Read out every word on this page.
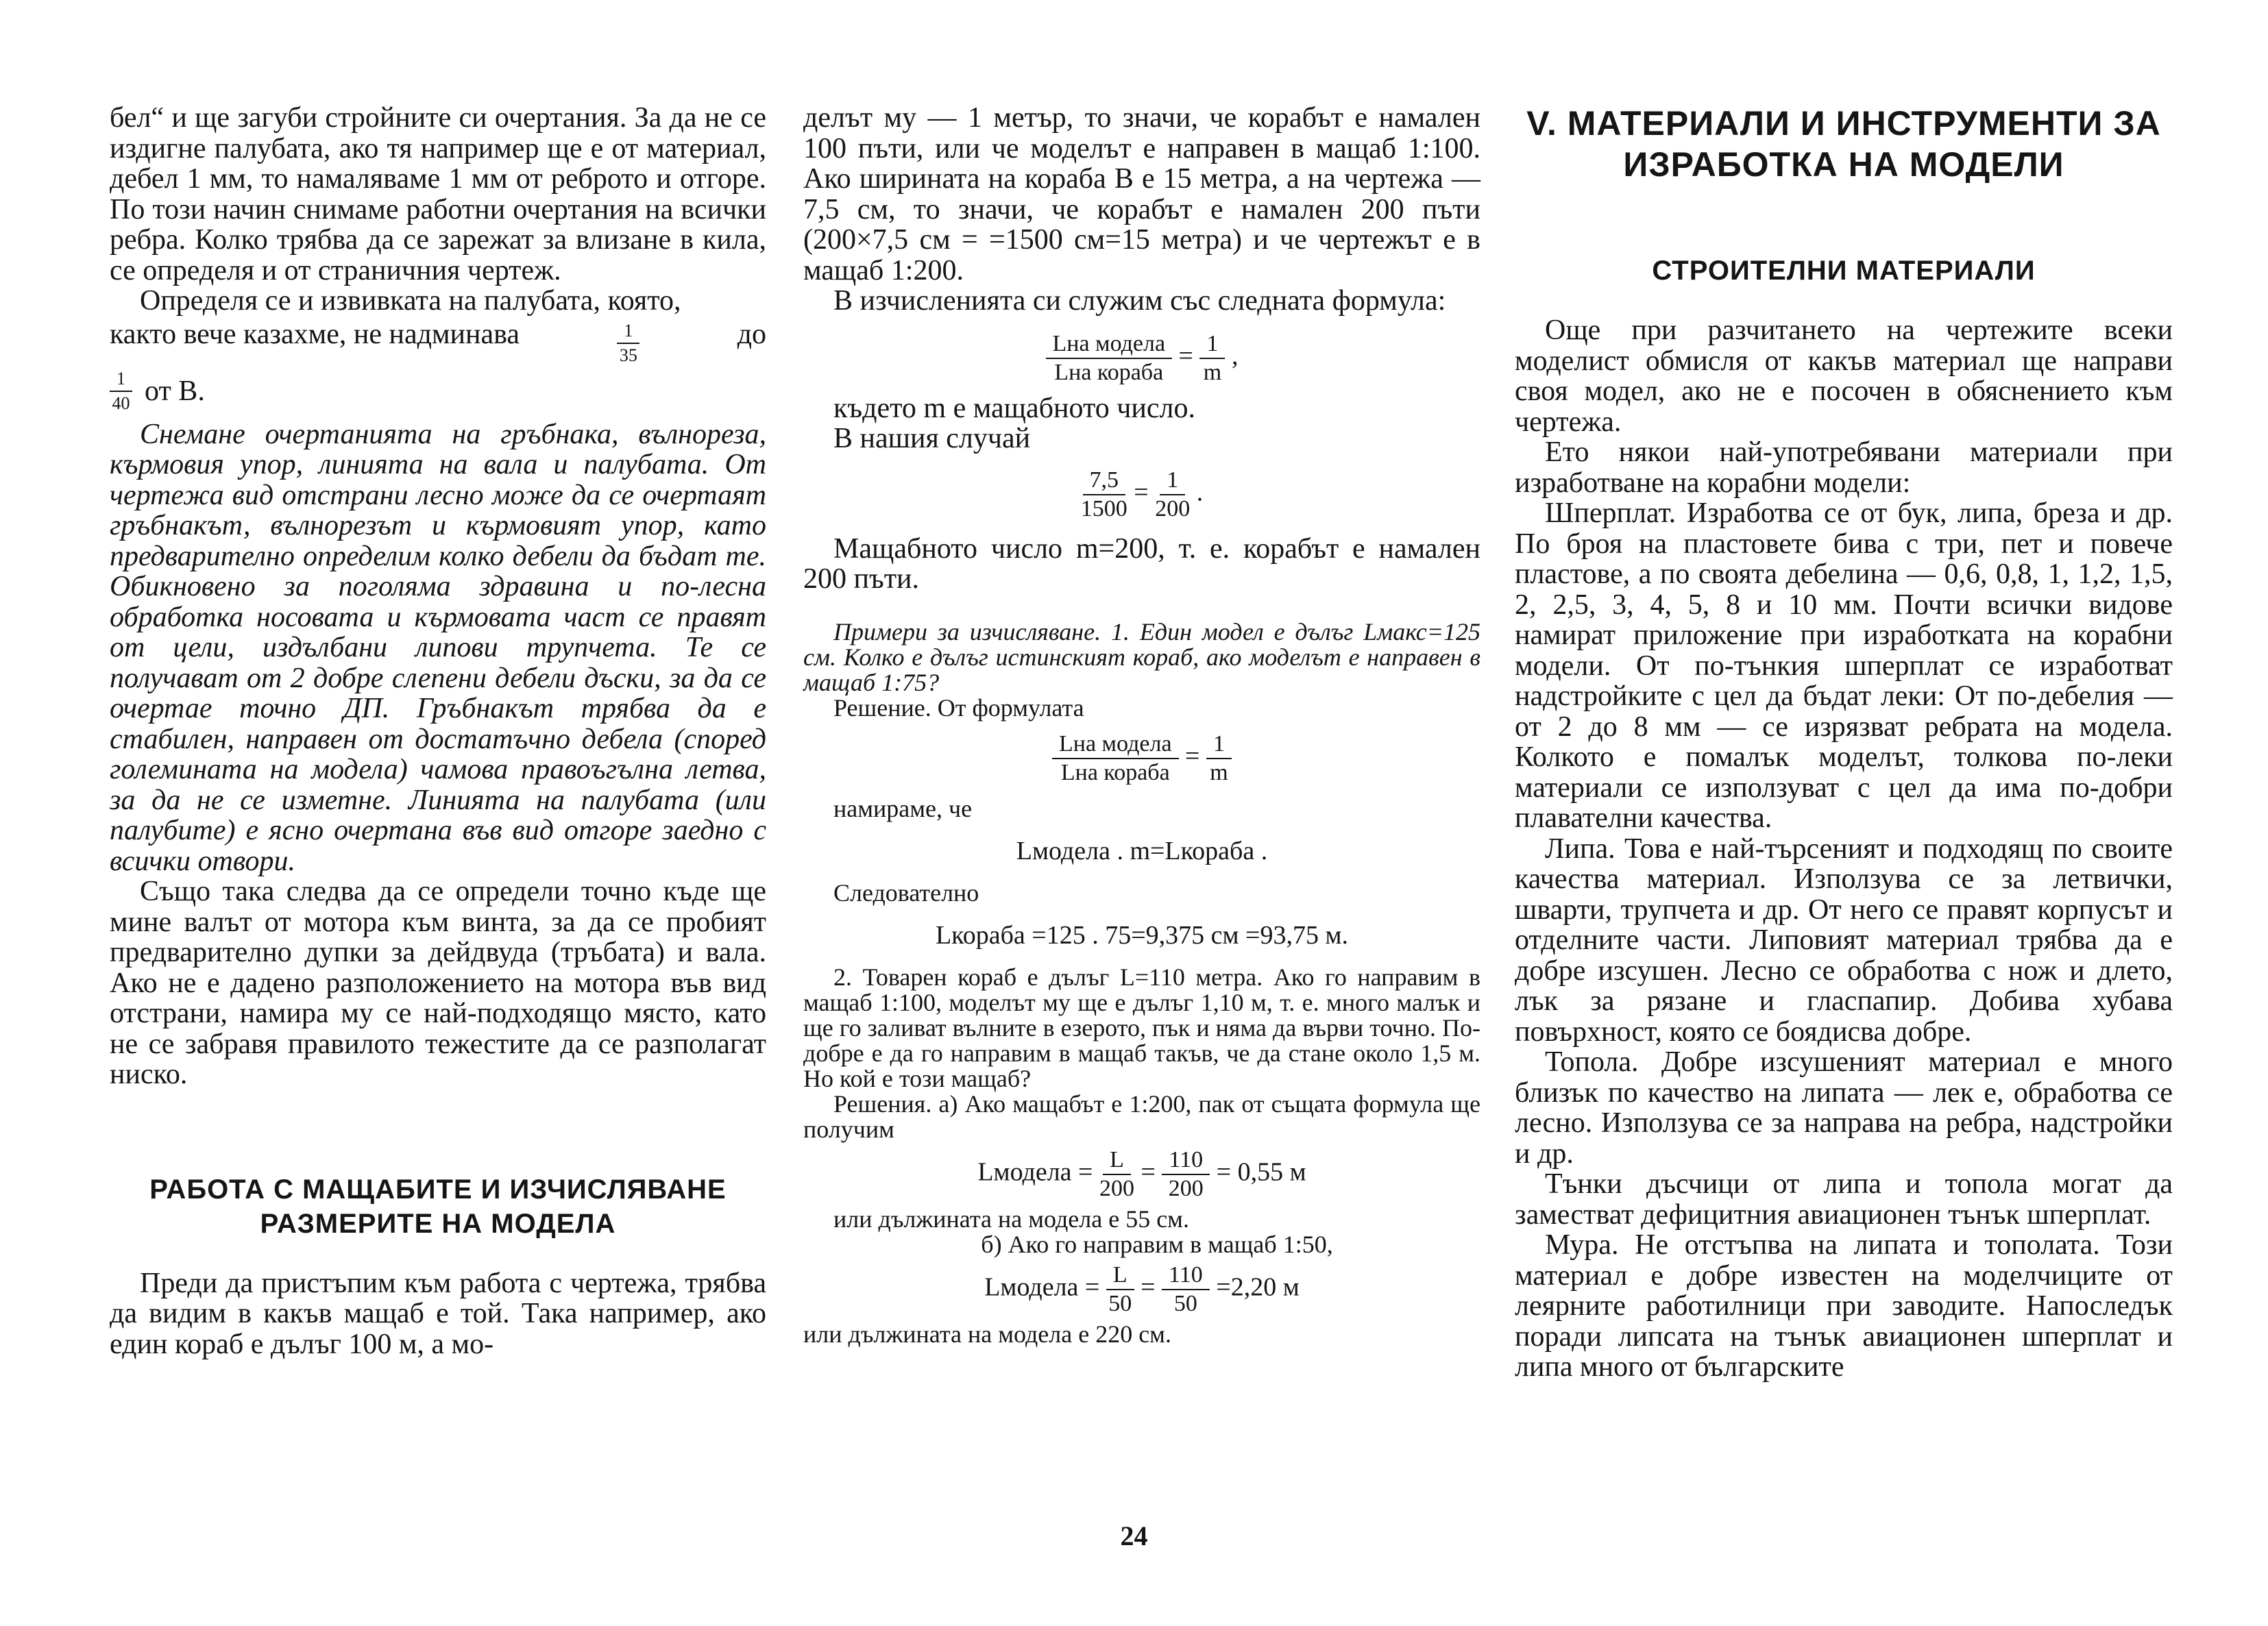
бел“ и ще загуби стройните си очертания. За да не се издигне палубата, ако тя например ще е от материал, дебел 1 мм, то намаляваме 1 мм от реброто и отгоре. По този начин снимаме работни очертания на всички ребра. Колко трябва да се зарежат за влизане в кила, се определя и от страничния чертеж.

Определя се и извивката на палубата, която,

както вече казахме, не надминава	$\frac{1}{35}$	до
$\frac{1}{40}$ от B.

Снемане очертанията на гръбнака, вълнореза, кърмовия упор, линията на вала и палубата. От чертежа вид отстрани лесно може да се очертаят гръбнакът, вълнорезът и кърмовият упор, като предварително определим колко дебели да бъдат те. Обикновено за поголяма здравина и по-лесна обработка носовата и кърмовата част се правят от цели, издълбани липови трупчета. Те се получават от 2 добре слепени дебели дъски, за да се очертае точно ДП. Гръбнакът трябва да е стабилен, направен от достатъчно дебела (според големината на модела) чамова правоъгълна летва, за да не се изметне. Линията на палубата (или палубите) е ясно очертана във вид отгоре заедно с всички отвори.

Също така следва да се определи точно къде ще мине валът от мотора към винта, за да се пробият предварително дупки за дейдвуда (тръбата) и вала. Ако не е дадено разположението на мотора във вид отстрани, намира му се най-подходящо място, като не се забравя правилото тежестите да се разполагат ниско.

РАБОТА С МАЩАБИТЕ И ИЗЧИСЛЯВАНЕ РАЗМЕРИТЕ НА МОДЕЛА

Преди да пристъпим към работа с чертежа, трябва да видим в какъв мащаб е той. Така например, ако един кораб е дълъг 100 м, а мо-

делът му — 1 метър, то значи, че корабът е намален 100 пъти, или че моделът е направен в мащаб 1:100. Ако ширината на кораба B е 15 метра, а на чертежа — 7,5 см, то значи, че корабът е намален 200 пъти (200×7,5 см = =1500 см=15 метра) и че чертежът е в мащаб 1:200.

В изчисленията си служим със следната формула:

$\frac{\text{Lна модела}}{\text{Lна кораба}} = \frac{1}{m}$ ,

където m е мащабното число.

В нашия случай

$\frac{7,5}{1500} = \frac{1}{200}$ .

Мащабното число m=200, т. е. корабът е намален 200 пъти.

Примери за изчисляване. 1. Един модел е дълъг Lмакс=125 см. Колко е дълъг истинският кораб, ако моделът е направен в мащаб 1:75?

Решение. От формулата

$\frac{\text{Lна модела}}{\text{Lна кораба}} = \frac{1}{m}$

намираме, че

Lмодела . m=Lкораба .

Следователно

Lкораба =125 . 75=9,375 см =93,75 м.

2. Товарен кораб е дълъг L=110 метра. Ако го направим в мащаб 1:100, моделът му ще е дълъг 1,10 м, т. е. много малък и ще го заливат вълните в езерото, пък и няма да върви точно. По-добре е да го направим в мащаб такъв, че да стане около 1,5 м. Но кой е този мащаб?

Решения. а) Ако мащабът е 1:200, пак от същата формула ще получим

Lмодела = $\frac{L}{200} = \frac{110}{200} = 0,55$ м

или дължината на модела е 55 см.

б) Ако го направим в мащаб 1:50,

Lмодела = $\frac{L}{50} = \frac{110}{50} =2,20$ м

или дължината на модела е 220 см.

V. МАТЕРИАЛИ И ИНСТРУМЕНТИ ЗА ИЗРАБОТКА НА МОДЕЛИ
СТРОИТЕЛНИ МАТЕРИАЛИ

Още при разчитането на чертежите всеки моделист обмисля от какъв материал ще направи своя модел, ако не е посочен в обяснението към чертежа.

Ето някои най-употребявани материали при изработване на корабни модели:

Шперплат. Изработва се от бук, липа, бреза и др. По броя на пластовете бива с три, пет и повече пластове, а по своята дебелина — 0,6, 0,8, 1, 1,2, 1,5, 2, 2,5, 3, 4, 5, 8 и 10 мм. Почти всички видове намират приложение при изработката на корабни модели. От по-тънкия шперплат се изработват надстройките с цел да бъдат леки: От по-дебелия — от 2 до 8 мм — се изрязват ребрата на модела. Колкото е помалък моделът, толкова по-леки материали се използуват с цел да има по-добри плавателни качества.

Липа. Това е най-търсеният и подходящ по своите качества материал. Използува се за летвички, шварти, трупчета и др. От него се правят корпусът и отделните части. Липовият материал трябва да е добре изсушен. Лесно се обработва с нож и длето, лък за рязане и гласпапир. Добива хубава повърхност, която се боядисва добре.

Топола. Добре изсушеният материал е много близък по качество на липата — лек е, обработва се лесно. Използува се за направа на ребра, надстройки и др.

Тънки дъсчици от липа и топола могат да заместват дефицитния авиационен тънък шперплат.

Мура. Не отстъпва на липата и тополата. Този материал е добре известен на моделчиците от леярните работилници при заводите. Напоследък поради липсата на тънък авиационен шперплат и липа много от българските

24
